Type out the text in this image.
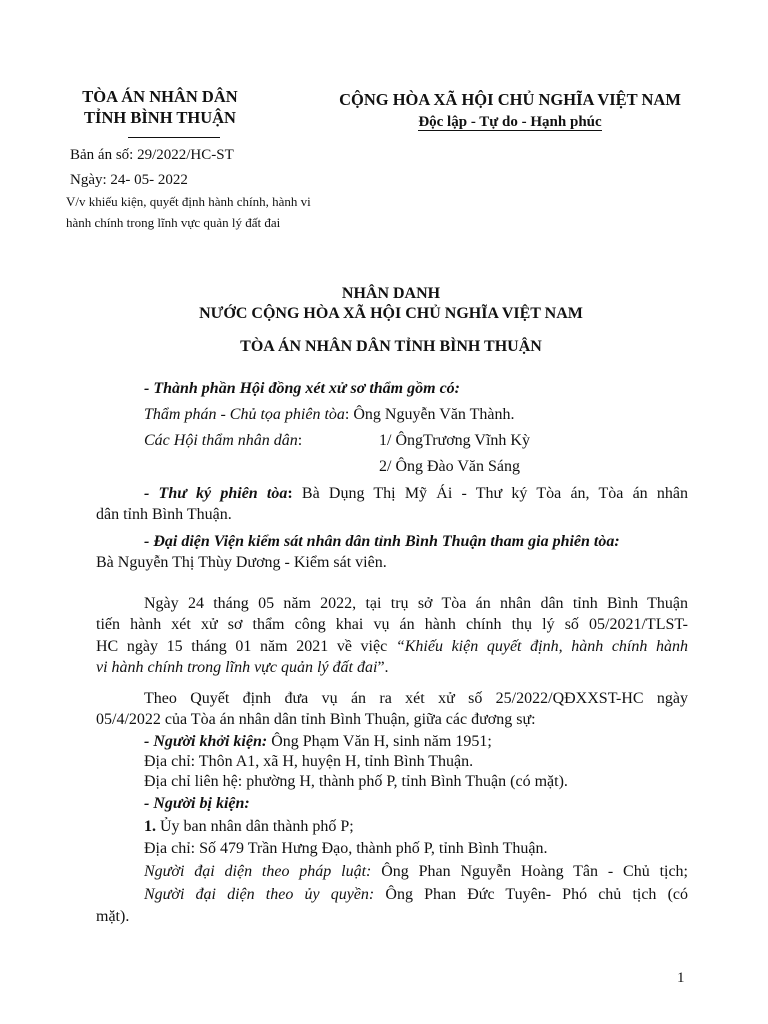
TÒA ÁN NHÂN DÂN
TỈNH BÌNH THUẬN
CỘNG HÒA XÃ HỘI CHỦ NGHĨA VIỆT NAM
Độc lập - Tự do - Hạnh phúc
Bản án số: 29/2022/HC-ST
Ngày: 24- 05- 2022
V/v khiếu kiện, quyết định hành chính, hành vi hành chính trong lĩnh vực quản lý đất đai
NHÂN DANH
NƯỚC CỘNG HÒA XÃ HỘI CHỦ NGHĨA VIỆT NAM
TÒA ÁN NHÂN DÂN TỈNH BÌNH THUẬN
- Thành phần Hội đồng xét xử sơ thẩm gồm có:
Thẩm phán - Chủ tọa phiên tòa: Ông Nguyễn Văn Thành.
Các Hội thẩm nhân dân:	1/ ÔngTrương Vĩnh Kỳ
2/ Ông Đào Văn Sáng
- Thư ký phiên tòa: Bà Dụng Thị Mỹ Ái - Thư ký Tòa án, Tòa án nhân
dân tỉnh Bình Thuận.
- Đại diện Viện kiểm sát nhân dân tỉnh Bình Thuận tham gia phiên tòa:
Bà Nguyễn Thị Thùy Dương - Kiểm sát viên.
Ngày 24 tháng 05 năm 2022, tại trụ sở Tòa án nhân dân tỉnh Bình Thuận
tiến hành xét xử sơ thẩm công khai vụ án hành chính thụ lý số 05/2021/TLST-
HC ngày 15 tháng 01 năm 2021 về việc “Khiếu kiện quyết định, hành chính hành
vi hành chính trong lĩnh vực quản lý đất đai”.
Theo Quyết định đưa vụ án ra xét xử số 25/2022/QĐXXST-HC ngày
05/4/2022 của Tòa án nhân dân tỉnh Bình Thuận, giữa các đương sự:
- Người khởi kiện: Ông Phạm Văn H, sinh năm 1951;
Địa chỉ: Thôn A1, xã H, huyện H, tỉnh Bình Thuận.
Địa chỉ liên hệ: phường H, thành phố P, tỉnh Bình Thuận (có mặt).
- Người bị kiện:
1. Ủy ban nhân dân thành phố P;
Địa chỉ: Số 479 Trần Hưng Đạo, thành phố P, tỉnh Bình Thuận.
Người đại diện theo pháp luật: Ông Phan Nguyễn Hoàng Tân - Chủ tịch;
Người đại diện theo ủy quyền: Ông Phan Đức Tuyên- Phó chủ tịch (có
mặt).
1
